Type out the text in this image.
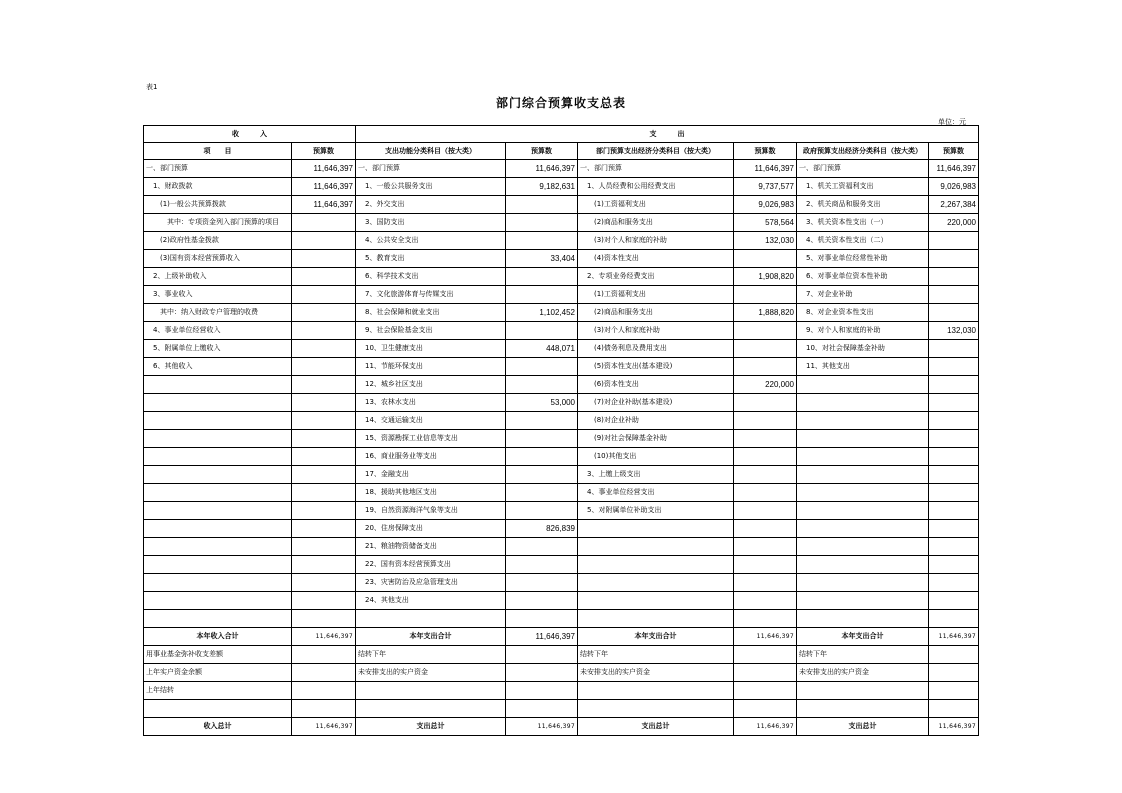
表1
部门综合预算收支总表
单位：元
收　　　入		支　　　出					
项　　目	预算数	支出功能分类科目（按大类）	预算数	部门预算支出经济分类科目（按大类）	预算数	政府预算支出经济分类科目（按大类）	预算数
一、部门预算	11,646,397	一、部门预算	11,646,397	一、部门预算	11,646,397	一、部门预算	11,646,397
　1、财政拨款	11,646,397	　1、一般公共服务支出	9,182,631	　1、人员经费和公用经费支出	9,737,577	　1、机关工资福利支出	9,026,983
　　(1)一般公共预算拨款	11,646,397	　2、外交支出		　　(1)工资福利支出	9,026,983	　2、机关商品和服务支出	2,267,384
　　　其中：专项资金列入部门预算的项目		　3、国防支出		　　(2)商品和服务支出	578,564	　3、机关资本性支出（一）	220,000
　　(2)政府性基金拨款		　4、公共安全支出		　　(3)对个人和家庭的补助	132,030	　4、机关资本性支出（二）	
　　(3)国有资本经营预算收入		　5、教育支出	33,404	　　(4)资本性支出		　5、对事业单位经常性补助	
　2、上级补助收入		　6、科学技术支出		　2、专项业务经费支出	1,908,820	　6、对事业单位资本性补助	
　3、事业收入		　7、文化旅游体育与传媒支出		　　(1)工资福利支出		　7、对企业补助	
　　其中：纳入财政专户管理的收费		　8、社会保障和就业支出	1,102,452	　　(2)商品和服务支出	1,888,820	　8、对企业资本性支出	
　4、事业单位经营收入		　9、社会保险基金支出		　　(3)对个人和家庭补助		　9、对个人和家庭的补助	132,030
　5、附属单位上缴收入		　10、卫生健康支出	448,071	　　(4)债务利息及费用支出		　10、对社会保障基金补助	
　6、其他收入		　11、节能环保支出		　　(5)资本性支出(基本建设)		　11、其他支出	
		　12、城乡社区支出		　　(6)资本性支出	220,000		
		　13、农林水支出	53,000	　　(7)对企业补助(基本建设)			
		　14、交通运输支出		　　(8)对企业补助			
		　15、资源勘探工业信息等支出		　　(9)对社会保障基金补助			
		　16、商业服务业等支出		　　(10)其他支出			
		　17、金融支出		　3、上缴上级支出			
		　18、援助其他地区支出		　4、事业单位经营支出			
		　19、自然资源海洋气象等支出		　5、对附属单位补助支出			
		　20、住房保障支出	826,839				
		　21、粮油物资储备支出					
		　22、国有资本经营预算支出					
		　23、灾害防治及应急管理支出					
		　24、其他支出					

本年收入合计	11,646,397	本年支出合计	11,646,397	本年支出合计	11,646,397	本年支出合计	11,646,397
用事业基金弥补收支差额		结转下年		结转下年		结转下年	
上年实户资金余额		未安排支出的实户资金		未安排支出的实户资金		未安排支出的实户资金	
上年结转							

收入总计	11,646,397	支出总计	11,646,397	支出总计	11,646,397	支出总计	11,646,397
